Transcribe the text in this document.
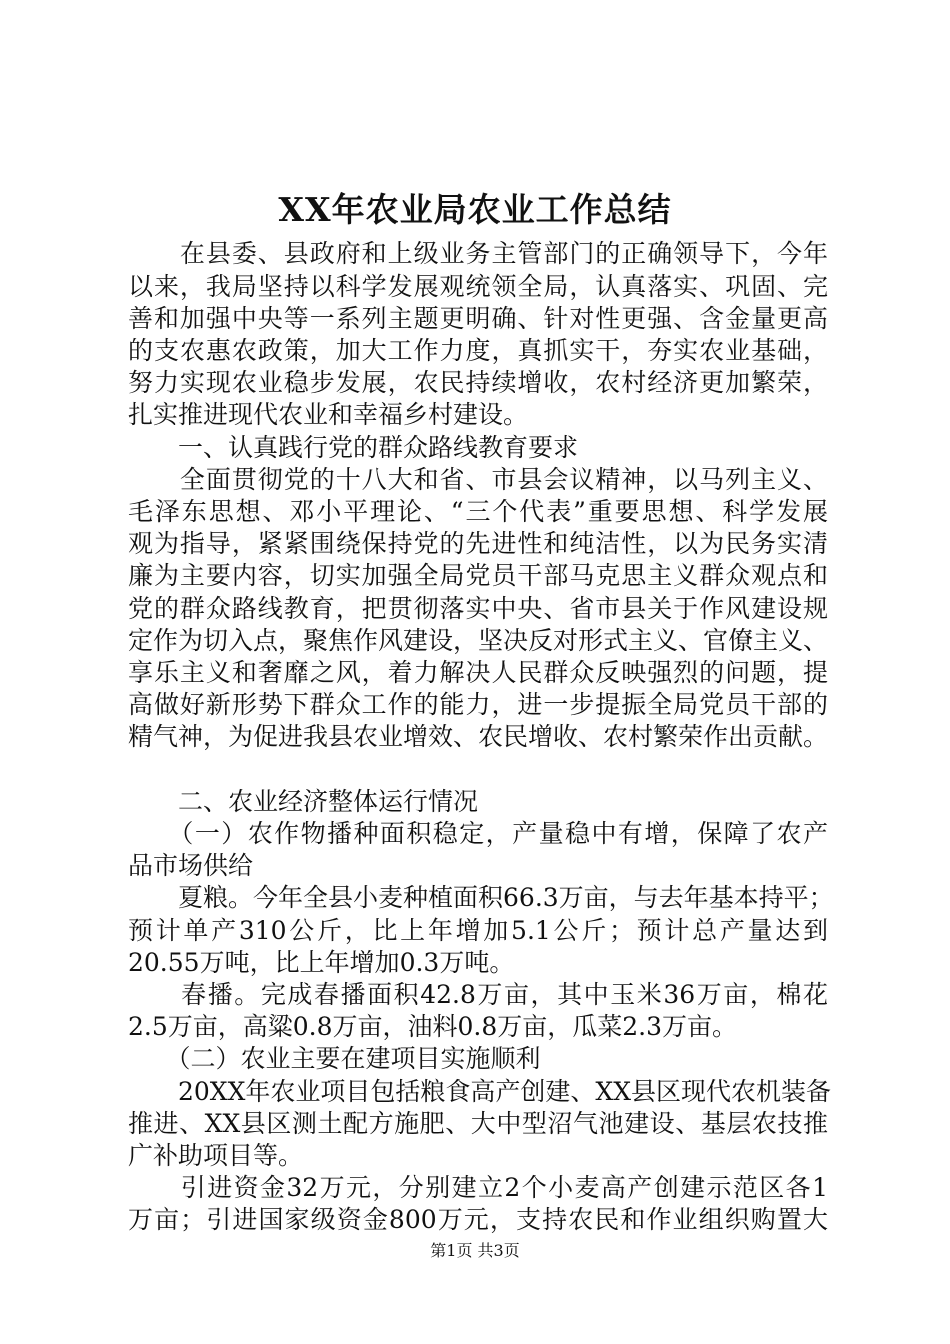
XX年农业局农业工作总结
　　在县委、县政府和上级业务主管部门的正确领导下，今年
以来，我局坚持以科学发展观统领全局，认真落实、巩固、完
善和加强中央等一系列主题更明确、针对性更强、含金量更高
的支农惠农政策，加大工作力度，真抓实干，夯实农业基础，
努力实现农业稳步发展，农民持续增收，农村经济更加繁荣，
扎实推进现代农业和幸福乡村建设。
　　一、认真践行党的群众路线教育要求
　　全面贯彻党的十八大和省、市县会议精神，以马列主义、
毛泽东思想、邓小平理论、“三个代表”重要思想、科学发展
观为指导，紧紧围绕保持党的先进性和纯洁性，以为民务实清
廉为主要内容，切实加强全局党员干部马克思主义群众观点和
党的群众路线教育，把贯彻落实中央、省市县关于作风建设规
定作为切入点，聚焦作风建设，坚决反对形式主义、官僚主义、
享乐主义和奢靡之风，着力解决人民群众反映强烈的问题，提
高做好新形势下群众工作的能力，进一步提振全局党员干部的
精气神，为促进我县农业增效、农民增收、农村繁荣作出贡献。
　　二、农业经济整体运行情况
　　（一）农作物播种面积稳定，产量稳中有增，保障了农产
品市场供给
　　夏粮。今年全县小麦种植面积66.3万亩，与去年基本持平；
预计单产310公斤，比上年增加5.1公斤；预计总产量达到
20.55万吨，比上年增加0.3万吨。
　　春播。完成春播面积42.8万亩，其中玉米36万亩，棉花
2.5万亩，高粱0.8万亩，油料0.8万亩，瓜菜2.3万亩。
　　（二）农业主要在建项目实施顺利
　　20XX年农业项目包括粮食高产创建、XX县区现代农机装备
推进、XX县区测土配方施肥、大中型沼气池建设、基层农技推
广补助项目等。
　　引进资金32万元，分别建立2个小麦高产创建示范区各1
万亩；引进国家级资金800万元，支持农民和作业组织购置大
第1页 共3页
